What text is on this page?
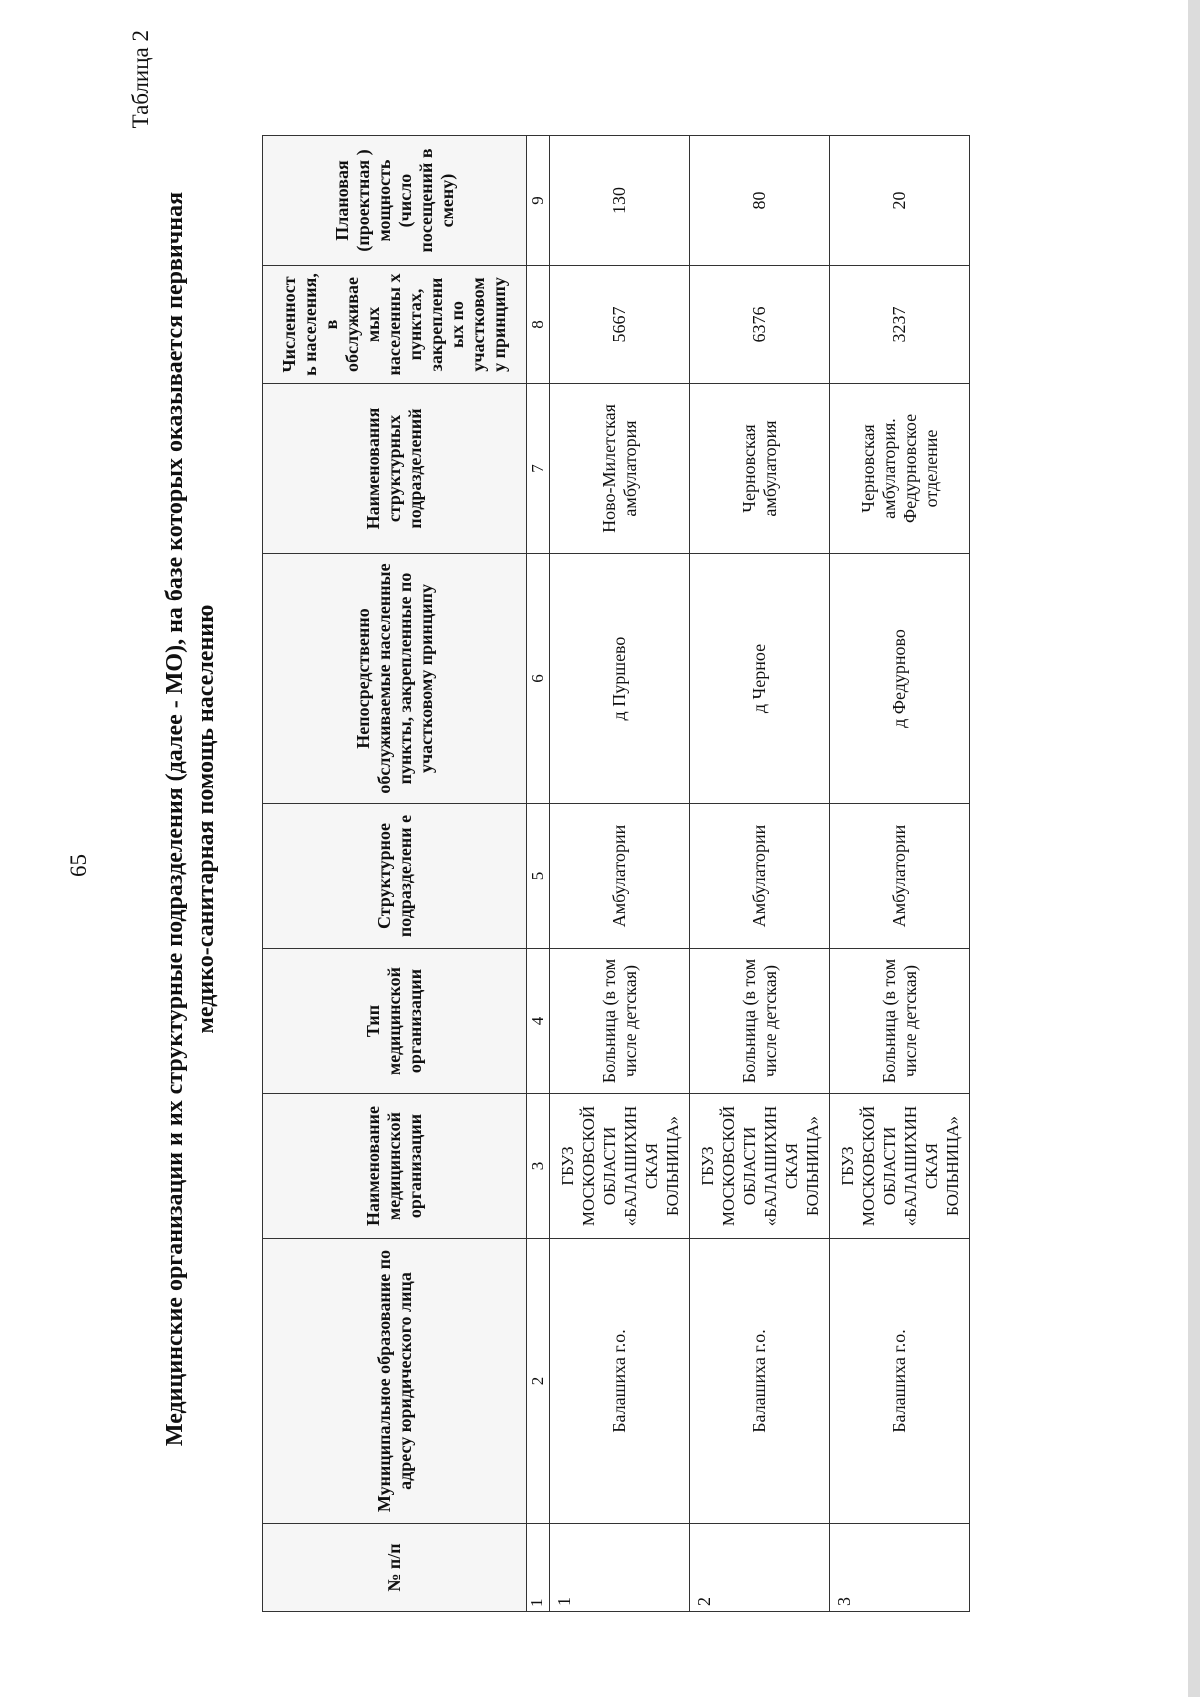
65
Таблица 2
Медицинские организации и их структурные подразделения (далее - МО), на базе которых оказывается первичная медико-санитарная помощь населению
№ п/п	Муниципальное образование по адресу юридического лица	Наименование медицинской организации	Тип медицинской организации	Структурное подразделени е	Непосредственно обслуживаемые населенные пункты, закрепленные по участковому принципу	Наименования структурных подразделений	Численност ь населения, в обслуживае мых населенны х пунктах, закреплени ых по участковом у принципу	Плановая (проектная ) мощность (число посещений в смену)
1	2	3	4	5	6	7	8	9
1	Балашиха г.о.	ГБУЗ МОСКОВСКОЙ ОБЛАСТИ «БАЛАШИХИН СКАЯ БОЛЬНИЦА»	Больница (в том числе детская)	Амбулатории	д Пуршево	Ново-Милетская амбулатория	5667	130
2	Балашиха г.о.	ГБУЗ МОСКОВСКОЙ ОБЛАСТИ «БАЛАШИХИН СКАЯ БОЛЬНИЦА»	Больница (в том числе детская)	Амбулатории	д Черное	Черновская амбулатория	6376	80
3	Балашиха г.о.	ГБУЗ МОСКОВСКОЙ ОБЛАСТИ «БАЛАШИХИН СКАЯ БОЛЬНИЦА»	Больница (в том числе детская)	Амбулатории	д Федурново	Черновская амбулатория. Федурновское отделение	3237	20
